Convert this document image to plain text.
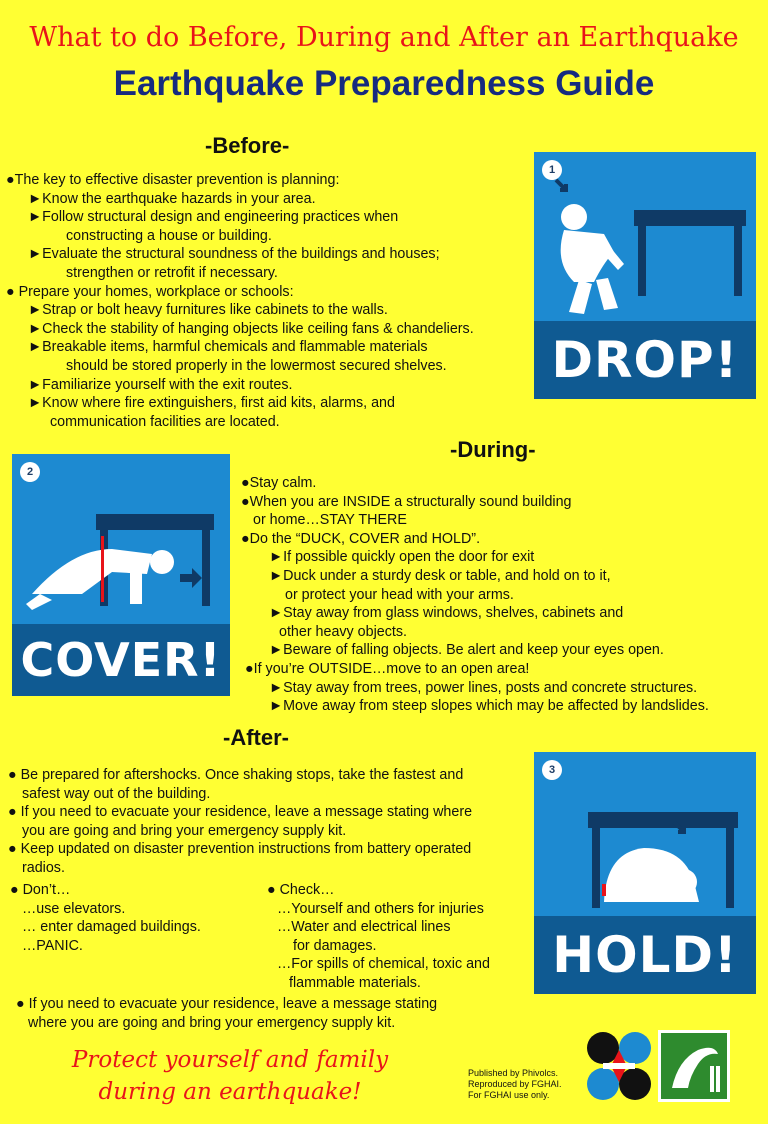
What to do Before, During and After an Earthquake
Earthquake Preparedness Guide
-Before-
●The key to effective disaster prevention is planning:
►Know the earthquake hazards in your area.
►Follow structural design and engineering practices when
constructing a house or building.
►Evaluate the structural soundness of the buildings and houses;
strengthen or retrofit if necessary.
● Prepare your homes, workplace or schools:
►Strap or bolt heavy furnitures like cabinets to the walls.
►Check the stability of hanging objects like ceiling fans & chandeliers.
►Breakable items, harmful chemicals and flammable materials
should be stored properly in the lowermost secured shelves.
►Familiarize yourself with the exit routes.
►Know where fire extinguishers, first aid kits, alarms, and
communication facilities are located.
1
DROP!
-During-
2
COVER!
●Stay calm.
●When you are INSIDE a structurally sound building
or home…STAY THERE
●Do the “DUCK, COVER and HOLD”.
►If possible quickly open the door for exit
►Duck under a sturdy desk or table, and hold on to it,
or protect your head with your arms.
►Stay away from glass windows, shelves, cabinets and
other heavy objects.
►Beware of falling objects. Be alert and keep your eyes open.
●If you’re OUTSIDE…move to an open area!
►Stay away from trees, power lines, posts and concrete structures.
►Move away from steep slopes which may be affected by landslides.
-After-
● Be prepared for aftershocks. Once shaking stops, take the fastest and
safest way out of the building.
● If you need to evacuate your residence, leave a message stating where
you are going and bring your emergency supply kit.
● Keep updated on disaster prevention instructions from battery operated
radios.
● Don’t…
…use elevators.
… enter damaged buildings.
…PANIC.
● Check…
…Yourself and others for injuries
…Water and electrical lines
for damages.
…For spills of chemical, toxic and
flammable materials.
● If you need to evacuate your residence, leave a message stating
where you are going and bring your emergency supply kit.
3
HOLD!
Protect yourself and family
during an earthquake!
Published by Phivolcs.
Reproduced by FGHAI.
For FGHAI use only.
